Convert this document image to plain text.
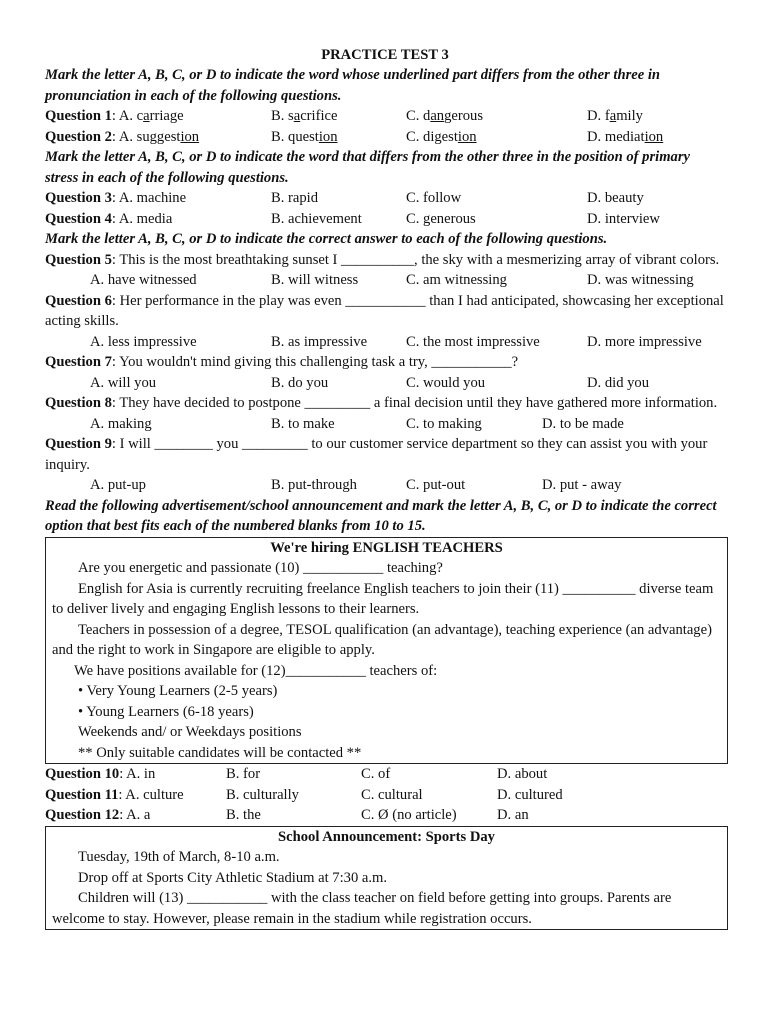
PRACTICE TEST 3
Mark the letter A, B, C, or D to indicate the word whose underlined part differs from the other three in pronunciation in each of the following questions.
Question 1: A. carriage	B. sacrifice	C. dangerous	D. family
Question 2: A. suggestion	B. question	C. digestion	D. mediation
Mark the letter A, B, C, or D to indicate the word that differs from the other three in the position of primary stress in each of the following questions.
Question 3: A. machine	B. rapid	C. follow	D. beauty
Question 4: A. media	B. achievement	C. generous	D. interview
Mark the letter A, B, C, or D to indicate the correct answer to each of the following questions.
Question 5: This is the most breathtaking sunset I __________, the sky with a mesmerizing array of vibrant colors.
A. have witnessed	B. will witness	C. am witnessing	D. was witnessing
Question 6: Her performance in the play was even ___________ than I had anticipated, showcasing her exceptional acting skills.
A. less impressive	B. as impressive	C. the most impressive	D. more impressive
Question 7: You wouldn't mind giving this challenging task a try, ___________?
A. will you	B. do you	C. would you	D. did you
Question 8: They have decided to postpone _________ a final decision until they have gathered more information.
A. making	B. to make	C. to making	D. to be made
Question 9: I will ________ you _________ to our customer service department so they can assist you with your inquiry.
A. put-up	B. put-through	C. put-out	D. put - away
Read the following advertisement/school announcement and mark the letter A, B, C, or D to indicate the correct option that best fits each of the numbered blanks from 10 to 15.
We're hiring ENGLISH TEACHERS
Are you energetic and passionate (10) ___________ teaching?
English for Asia is currently recruiting freelance English teachers to join their (11) __________ diverse team to deliver lively and engaging English lessons to their learners.
Teachers in possession of a degree, TESOL qualification (an advantage), teaching experience (an advantage) and the right to work in Singapore are eligible to apply.
We have positions available for (12)___________ teachers of:
• Very Young Learners (2-5 years)
• Young Learners (6-18 years)
Weekends and/ or Weekdays positions
** Only suitable candidates will be contacted **
Question 10: A. in	B. for	C. of	D. about
Question 11: A. culture	B. culturally	C. cultural	D. cultured
Question 12: A. a	B. the	C. Ø (no article)	D. an
School Announcement: Sports Day
Tuesday, 19th of March, 8-10 a.m.
Drop off at Sports City Athletic Stadium at 7:30 a.m.
Children will (13) ___________ with the class teacher on field before getting into groups. Parents are welcome to stay. However, please remain in the stadium while registration occurs.
